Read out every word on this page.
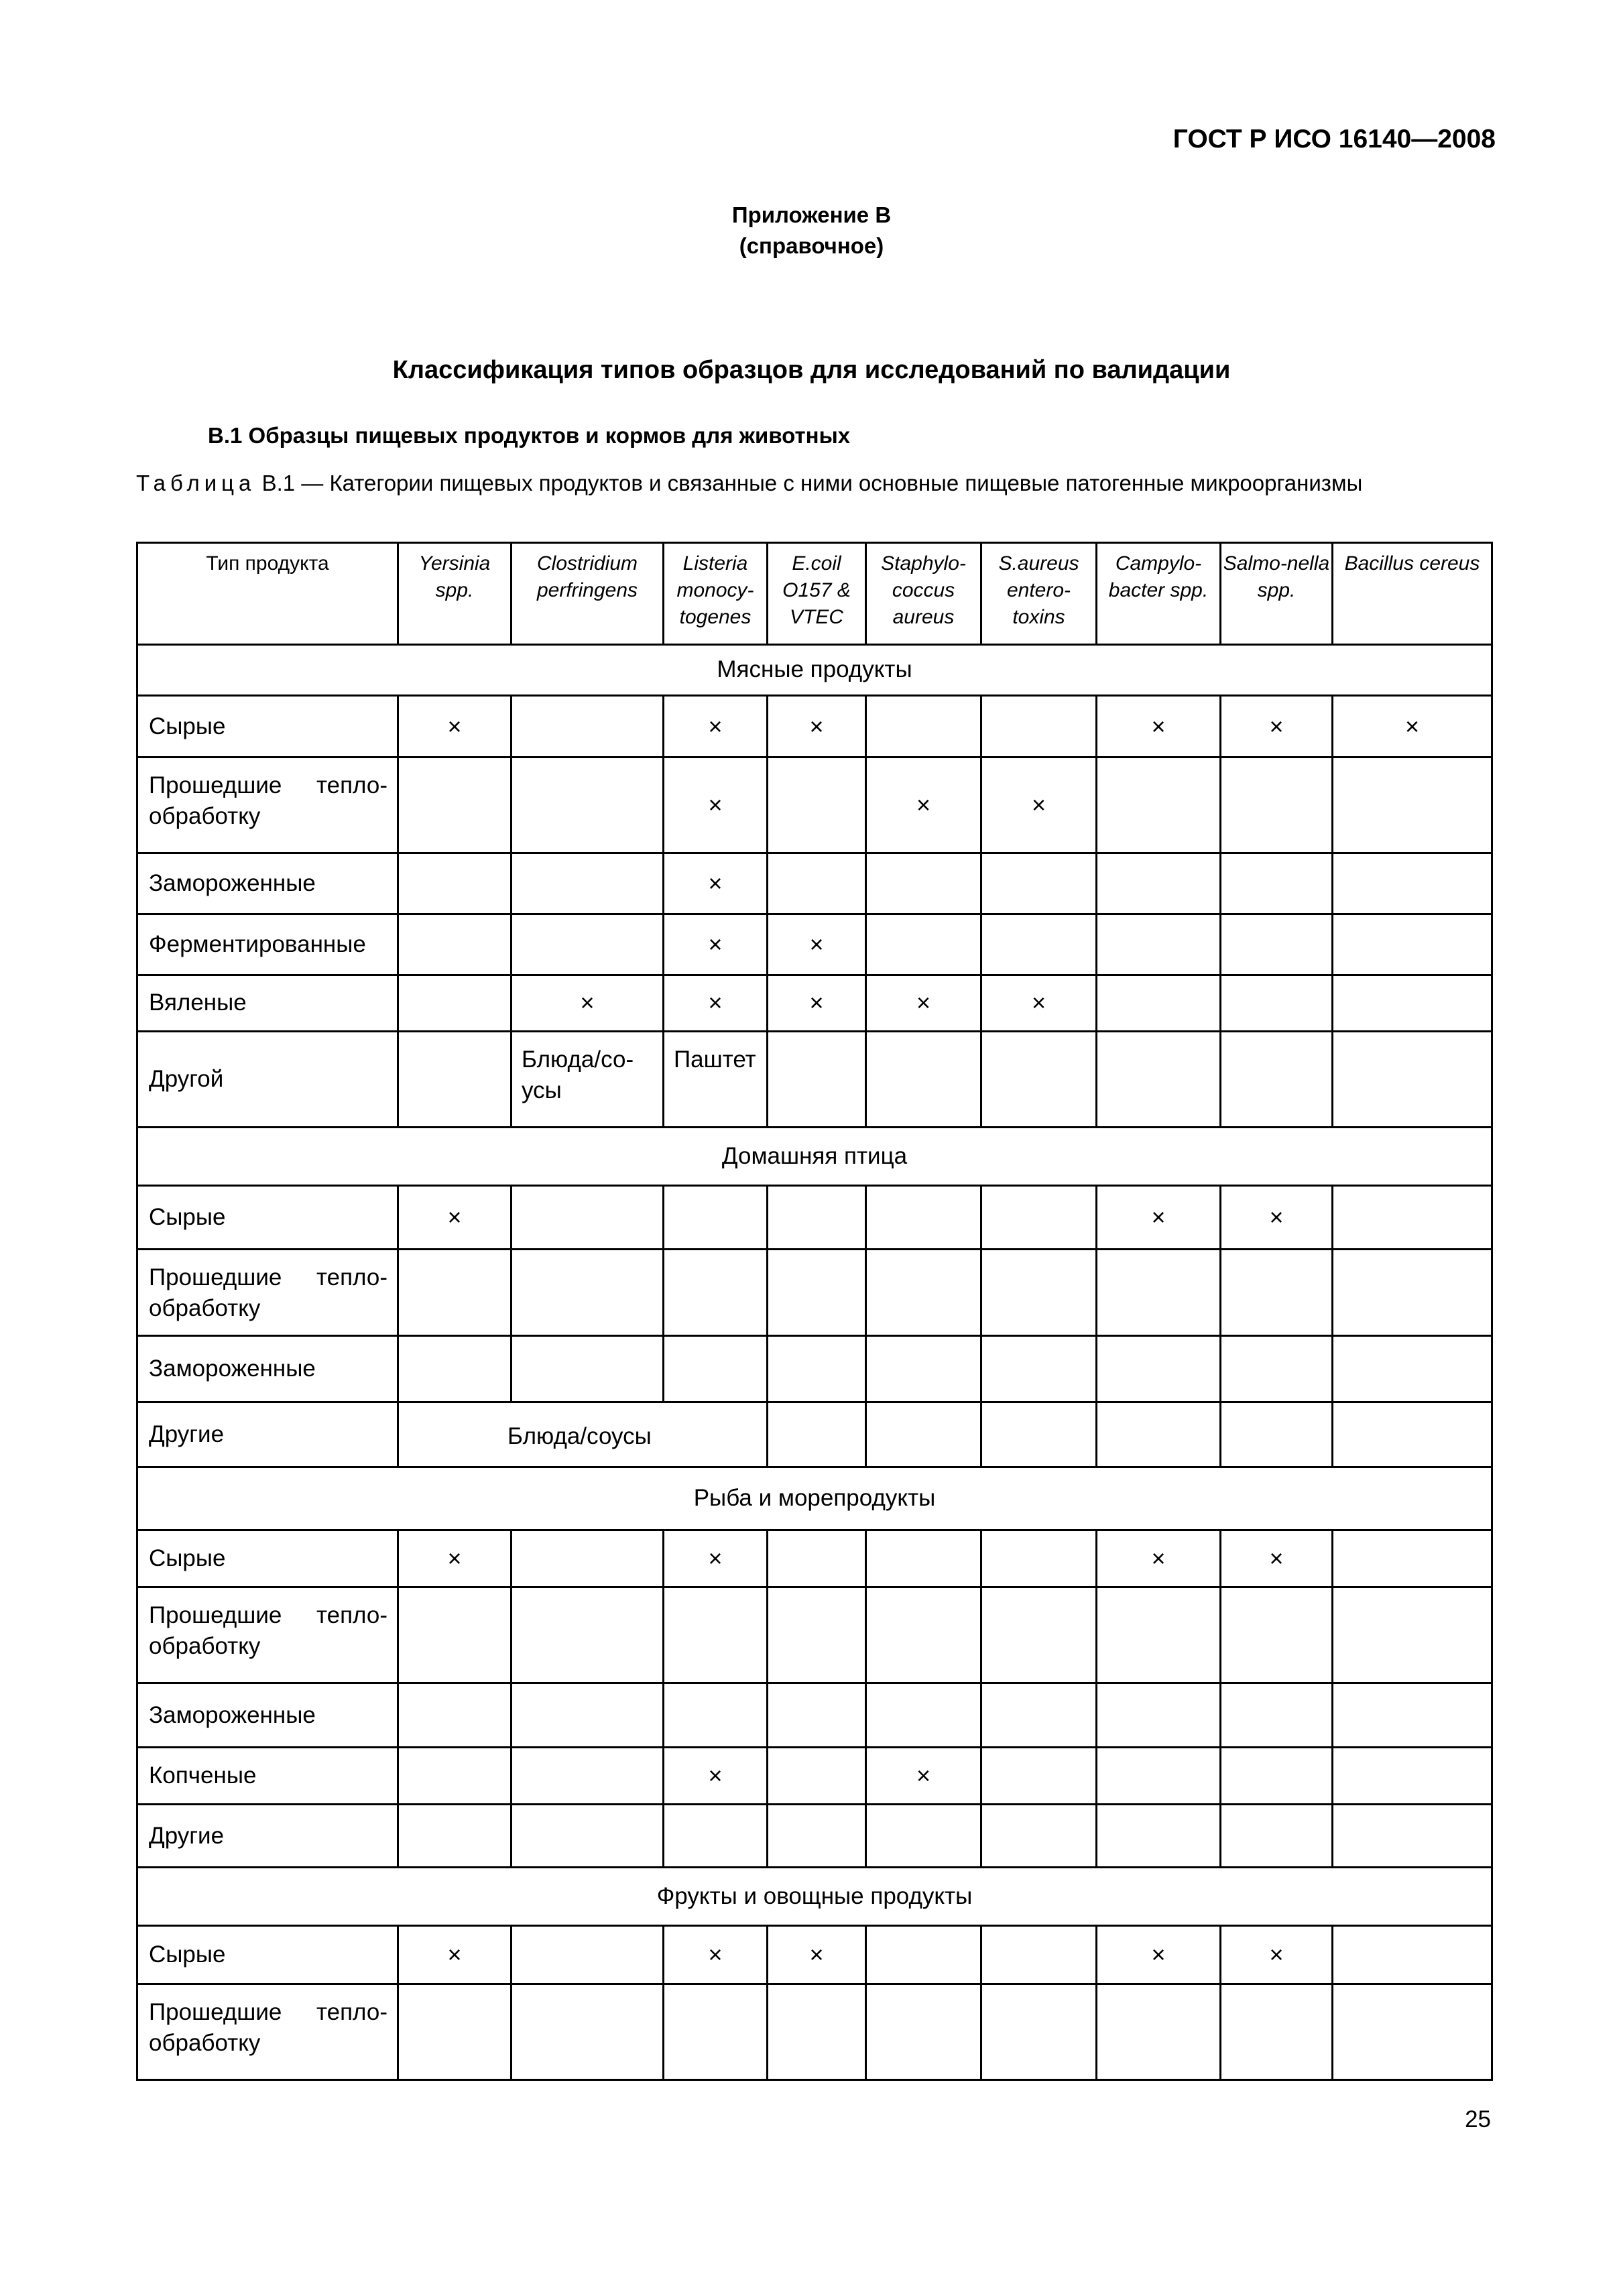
ГОСТ Р ИСО 16140—2008
Приложение В
(справочное)
Классификация типов образцов для исследований по валидации
В.1 Образцы пищевых продуктов и кормов для животных
Таблица В.1 — Категории пищевых продуктов и связанные с ними основные пищевые патогенные микроорганизмы
Тип продукта	Yersinia spp.	Clostridium perfringens	Listeria monocy-togenes	E.coil O157 & VTEC	Staphylo-coccus aureus	S.aureus entero-toxins	Campylo-bacter spp.	Salmo-nella spp.	Bacillus cereus

Мясные продукты									
Сырые	×		×	×			×	×	×
Прошедшие тепло-обработку			×		×	×			
Замороженные			×						
Ферментированные			×	×					
Вяленые		×	×	×	×	×			
Другой		Блюда/со-усы	Паштет						
Домашняя птица									
Сырые	×						×	×	
Прошедшие тепло-обработку									
Замороженные									
Другие	Блюда/соусы								
Рыба и морепродукты									
Сырые	×		×				×	×	
Прошедшие тепло-обработку									
Замороженные									
Копченые			×		×				
Другие									
Фрукты и овощные продукты									
Сырые	×		×	×			×	×	
Прошедшие тепло-обработку									
25
